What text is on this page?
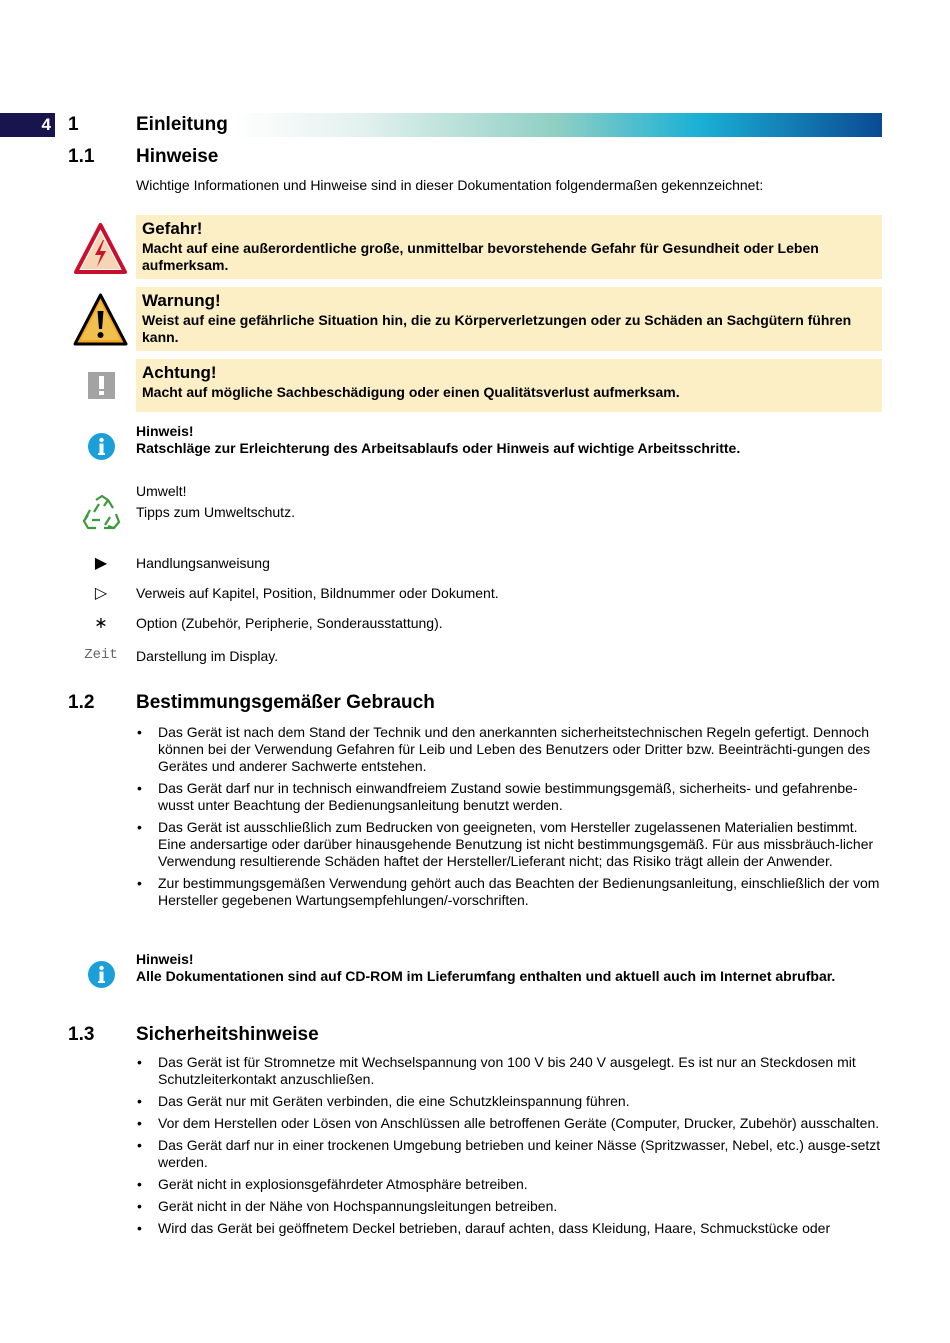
4 1	Einleitung
1.1 Hinweise
Wichtige Informationen und Hinweise sind in dieser Dokumentation folgendermaßen gekennzeichnet:
Gefahr!
Macht auf eine außerordentliche große, unmittelbar bevorstehende Gefahr für Gesundheit oder Leben aufmerksam.
Warnung!
Weist auf eine gefährliche Situation hin, die zu Körperverletzungen oder zu Schäden an Sachgütern führen kann.
Achtung!
Macht auf mögliche Sachbeschädigung oder einen Qualitätsverlust aufmerksam.
Hinweis!
Ratschläge zur Erleichterung des Arbeitsablaufs oder Hinweis auf wichtige Arbeitsschritte.
Umwelt!
Tipps zum Umweltschutz.
▶	Handlungsanweisung
▷	Verweis auf Kapitel, Position, Bildnummer oder Dokument.
∗	Option (Zubehör, Peripherie, Sonderausstattung).
Zeit Darstellung im Display.
1.2 Bestimmungsgemäßer Gebrauch
• Das Gerät ist nach dem Stand der Technik und den anerkannten sicherheitstechnischen Regeln gefertigt. Dennoch können bei der Verwendung Gefahren für Leib und Leben des Benutzers oder Dritter bzw. Beeinträchti-gungen des Gerätes und anderer Sachwerte entstehen.
• Das Gerät darf nur in technisch einwandfreiem Zustand sowie bestimmungsgemäß, sicherheits- und gefahrenbe-wusst unter Beachtung der Bedienungsanleitung benutzt werden.
• Das Gerät ist ausschließlich zum Bedrucken von geeigneten, vom Hersteller zugelassenen Materialien bestimmt. Eine andersartige oder darüber hinausgehende Benutzung ist nicht bestimmungsgemäß. Für aus missbräuch-licher Verwendung resultierende Schäden haftet der Hersteller/Lieferant nicht; das Risiko trägt allein der Anwender.
• Zur bestimmungsgemäßen Verwendung gehört auch das Beachten der Bedienungsanleitung, einschließlich der vom Hersteller gegebenen Wartungsempfehlungen/-vorschriften.
Hinweis!
Alle Dokumentationen sind auf CD-ROM im Lieferumfang enthalten und aktuell auch im Internet abrufbar.
1.3 Sicherheitshinweise
• Das Gerät ist für Stromnetze mit Wechselspannung von 100 V bis 240 V ausgelegt. Es ist nur an Steckdosen mit Schutzleiterkontakt anzuschließen.
• Das Gerät nur mit Geräten verbinden, die eine Schutzkleinspannung führen.
• Vor dem Herstellen oder Lösen von Anschlüssen alle betroffenen Geräte (Computer, Drucker, Zubehör) ausschalten.
• Das Gerät darf nur in einer trockenen Umgebung betrieben und keiner Nässe (Spritzwasser, Nebel, etc.) ausge-setzt werden.
• Gerät nicht in explosionsgefährdeter Atmosphäre betreiben.
• Gerät nicht in der Nähe von Hochspannungsleitungen betreiben.
• Wird das Gerät bei geöffnetem Deckel betrieben, darauf achten, dass Kleidung, Haare, Schmuckstücke oder
